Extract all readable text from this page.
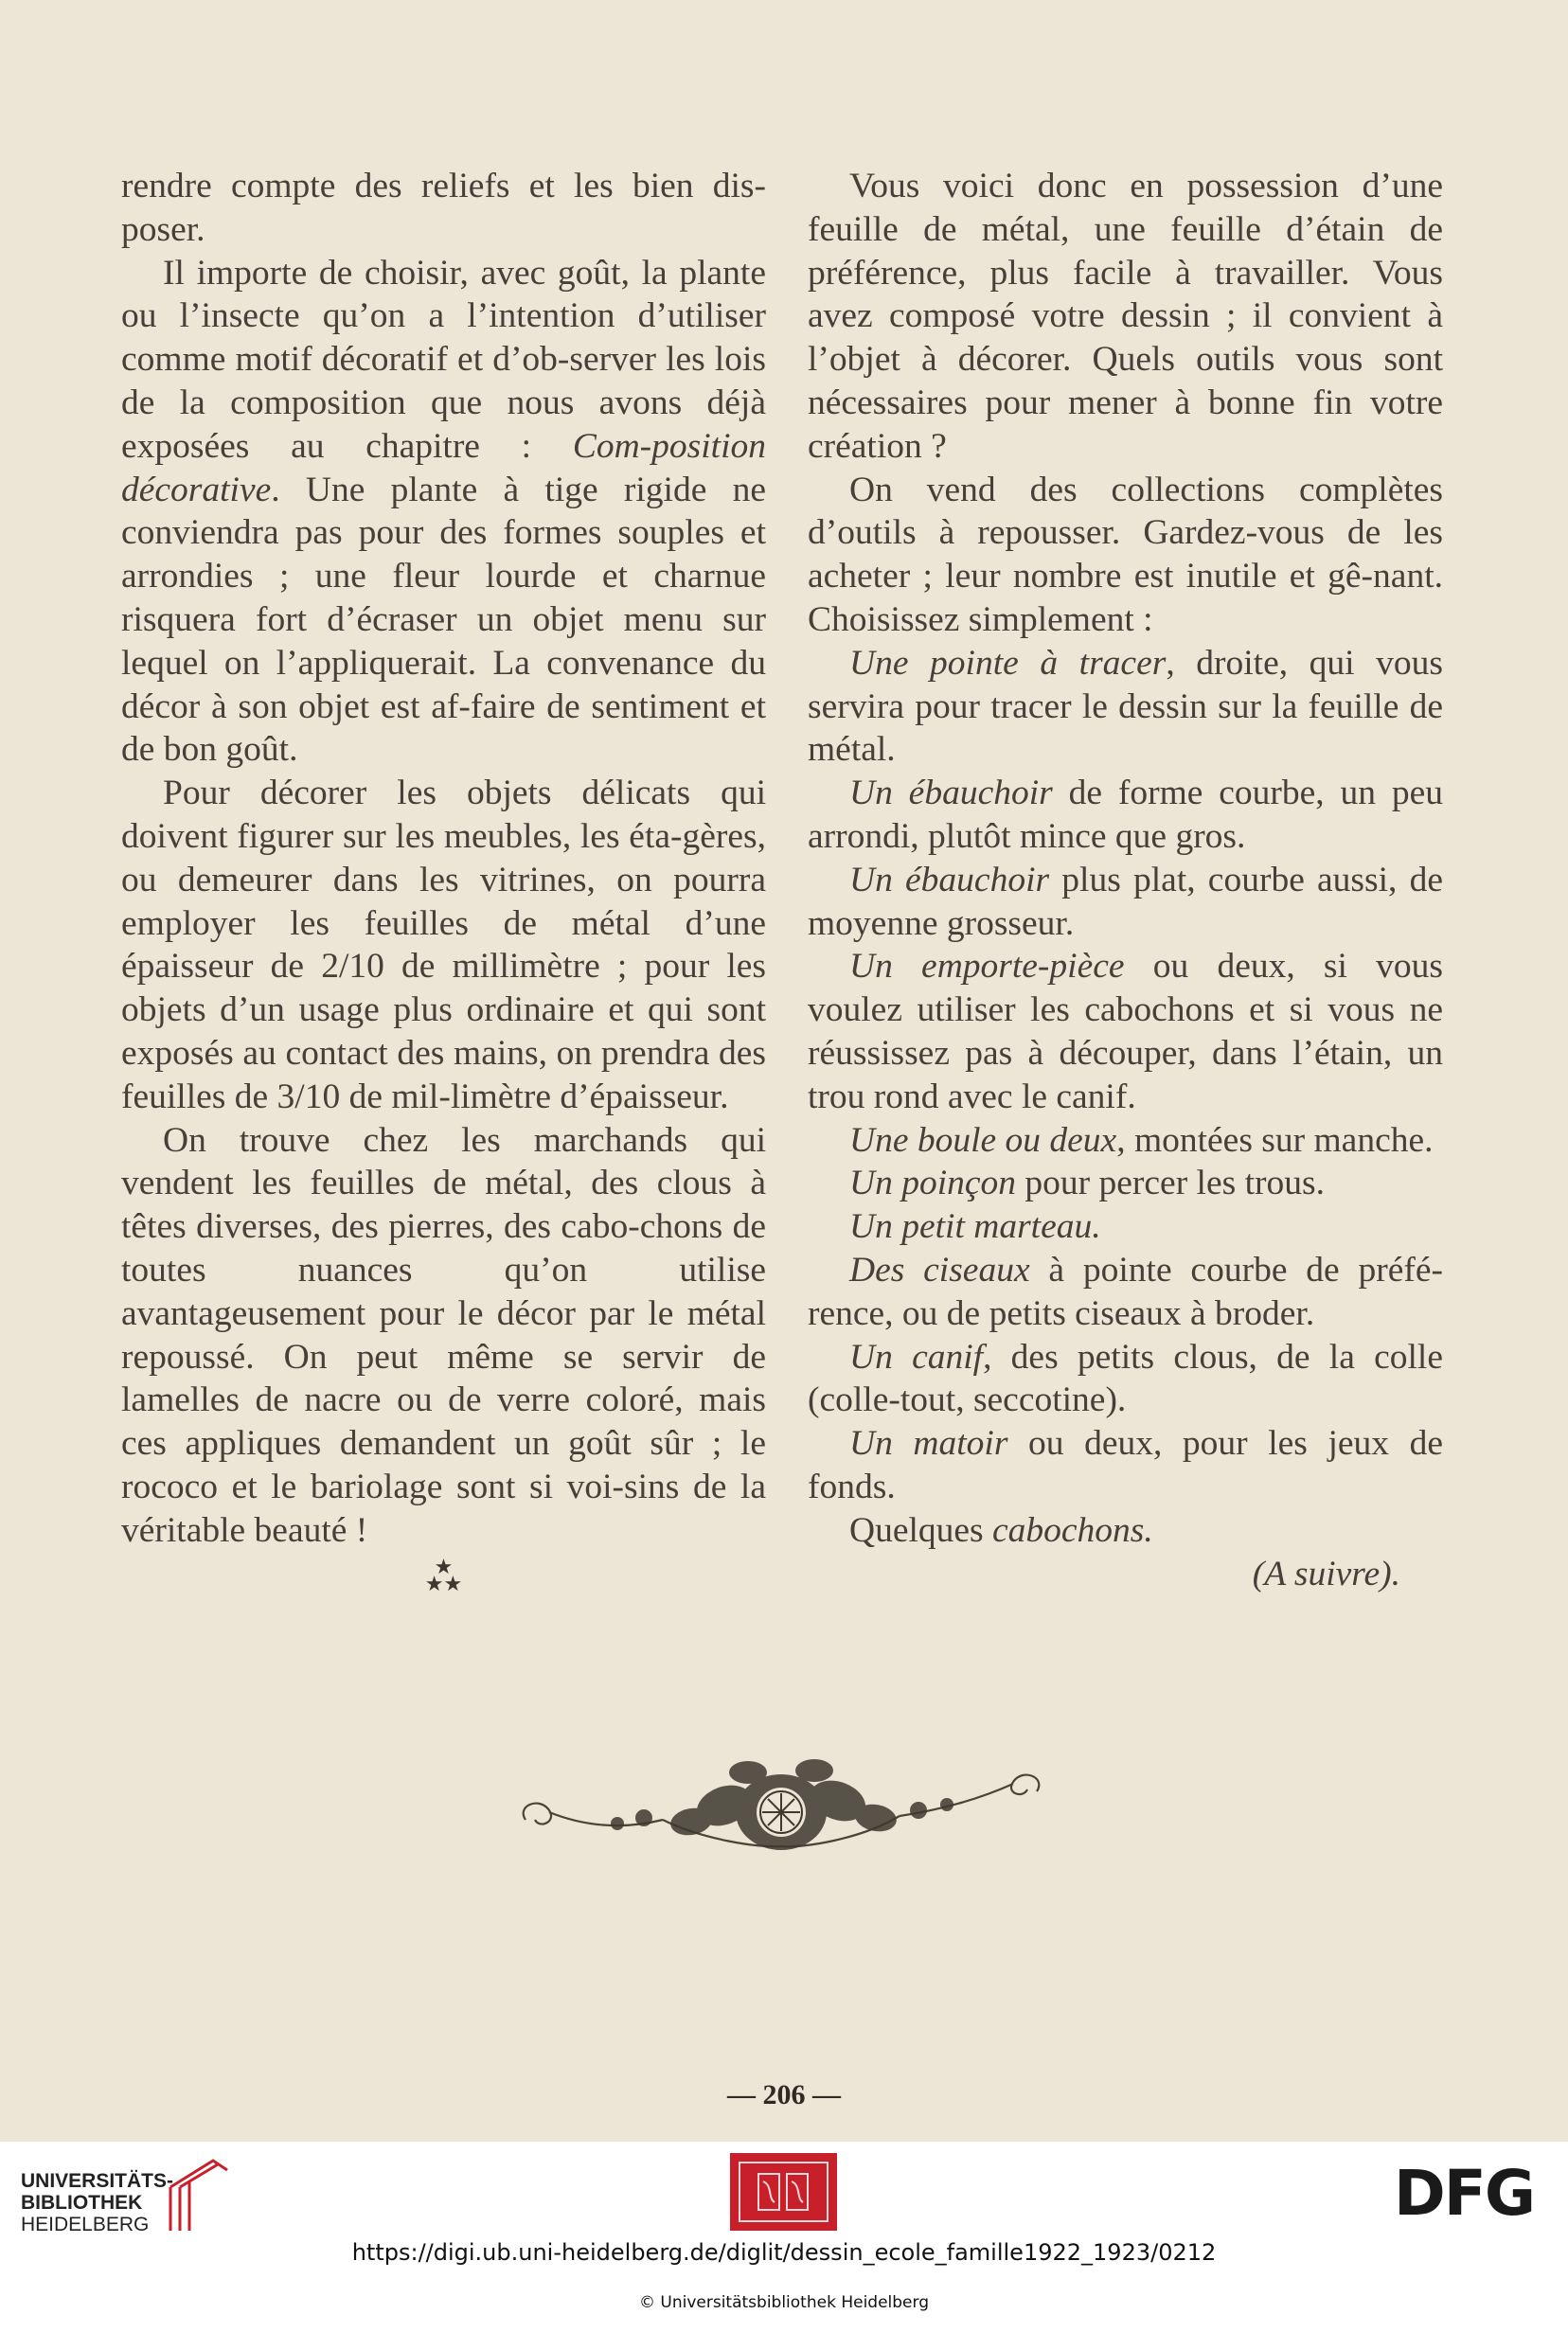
rendre compte des reliefs et les bien dis-poser.

Il importe de choisir, avec goût, la plante ou l’insecte qu’on a l’intention d’utiliser comme motif décoratif et d’ob-server les lois de la composition que nous avons déjà exposées au chapitre : Com-position décorative. Une plante à tige rigide ne conviendra pas pour des formes souples et arrondies ; une fleur lourde et charnue risquera fort d’écraser un objet menu sur lequel on l’appliquerait. La convenance du décor à son objet est af-faire de sentiment et de bon goût.

Pour décorer les objets délicats qui doivent figurer sur les meubles, les éta-gères, ou demeurer dans les vitrines, on pourra employer les feuilles de métal d’une épaisseur de 2/10 de millimètre ; pour les objets d’un usage plus ordinaire et qui sont exposés au contact des mains, on prendra des feuilles de 3/10 de mil-limètre d’épaisseur.

On trouve chez les marchands qui vendent les feuilles de métal, des clous à têtes diverses, des pierres, des cabo-chons de toutes nuances qu’on utilise avantageusement pour le décor par le métal repoussé. On peut même se servir de lamelles de nacre ou de verre coloré, mais ces appliques demandent un goût sûr ; le rococo et le bariolage sont si voi-sins de la véritable beauté !

★
★★

Vous voici donc en possession d’une feuille de métal, une feuille d’étain de préférence, plus facile à travailler. Vous avez composé votre dessin ; il convient à l’objet à décorer. Quels outils vous sont nécessaires pour mener à bonne fin votre création ?

On vend des collections complètes d’outils à repousser. Gardez-vous de les acheter ; leur nombre est inutile et gê-nant. Choisissez simplement :

Une pointe à tracer, droite, qui vous servira pour tracer le dessin sur la feuille de métal.

Un ébauchoir de forme courbe, un peu arrondi, plutôt mince que gros.

Un ébauchoir plus plat, courbe aussi, de moyenne grosseur.

Un emporte-pièce ou deux, si vous voulez utiliser les cabochons et si vous ne réussissez pas à découper, dans l’étain, un trou rond avec le canif.

Une boule ou deux, montées sur manche.

Un poinçon pour percer les trous.

Un petit marteau.

Des ciseaux à pointe courbe de préfé-rence, ou de petits ciseaux à broder.

Un canif, des petits clous, de la colle (colle-tout, seccotine).

Un matoir ou deux, pour les jeux de fonds.

Quelques cabochons.

(A suivre).

— 206 —
UNIVERSITÄTS-
BIBLIOTHEK
HEIDELBERG	DFG
https://digi.ub.uni-heidelberg.de/diglit/dessin_ecole_famille1922_1923/0212
© Universitätsbibliothek Heidelberg
